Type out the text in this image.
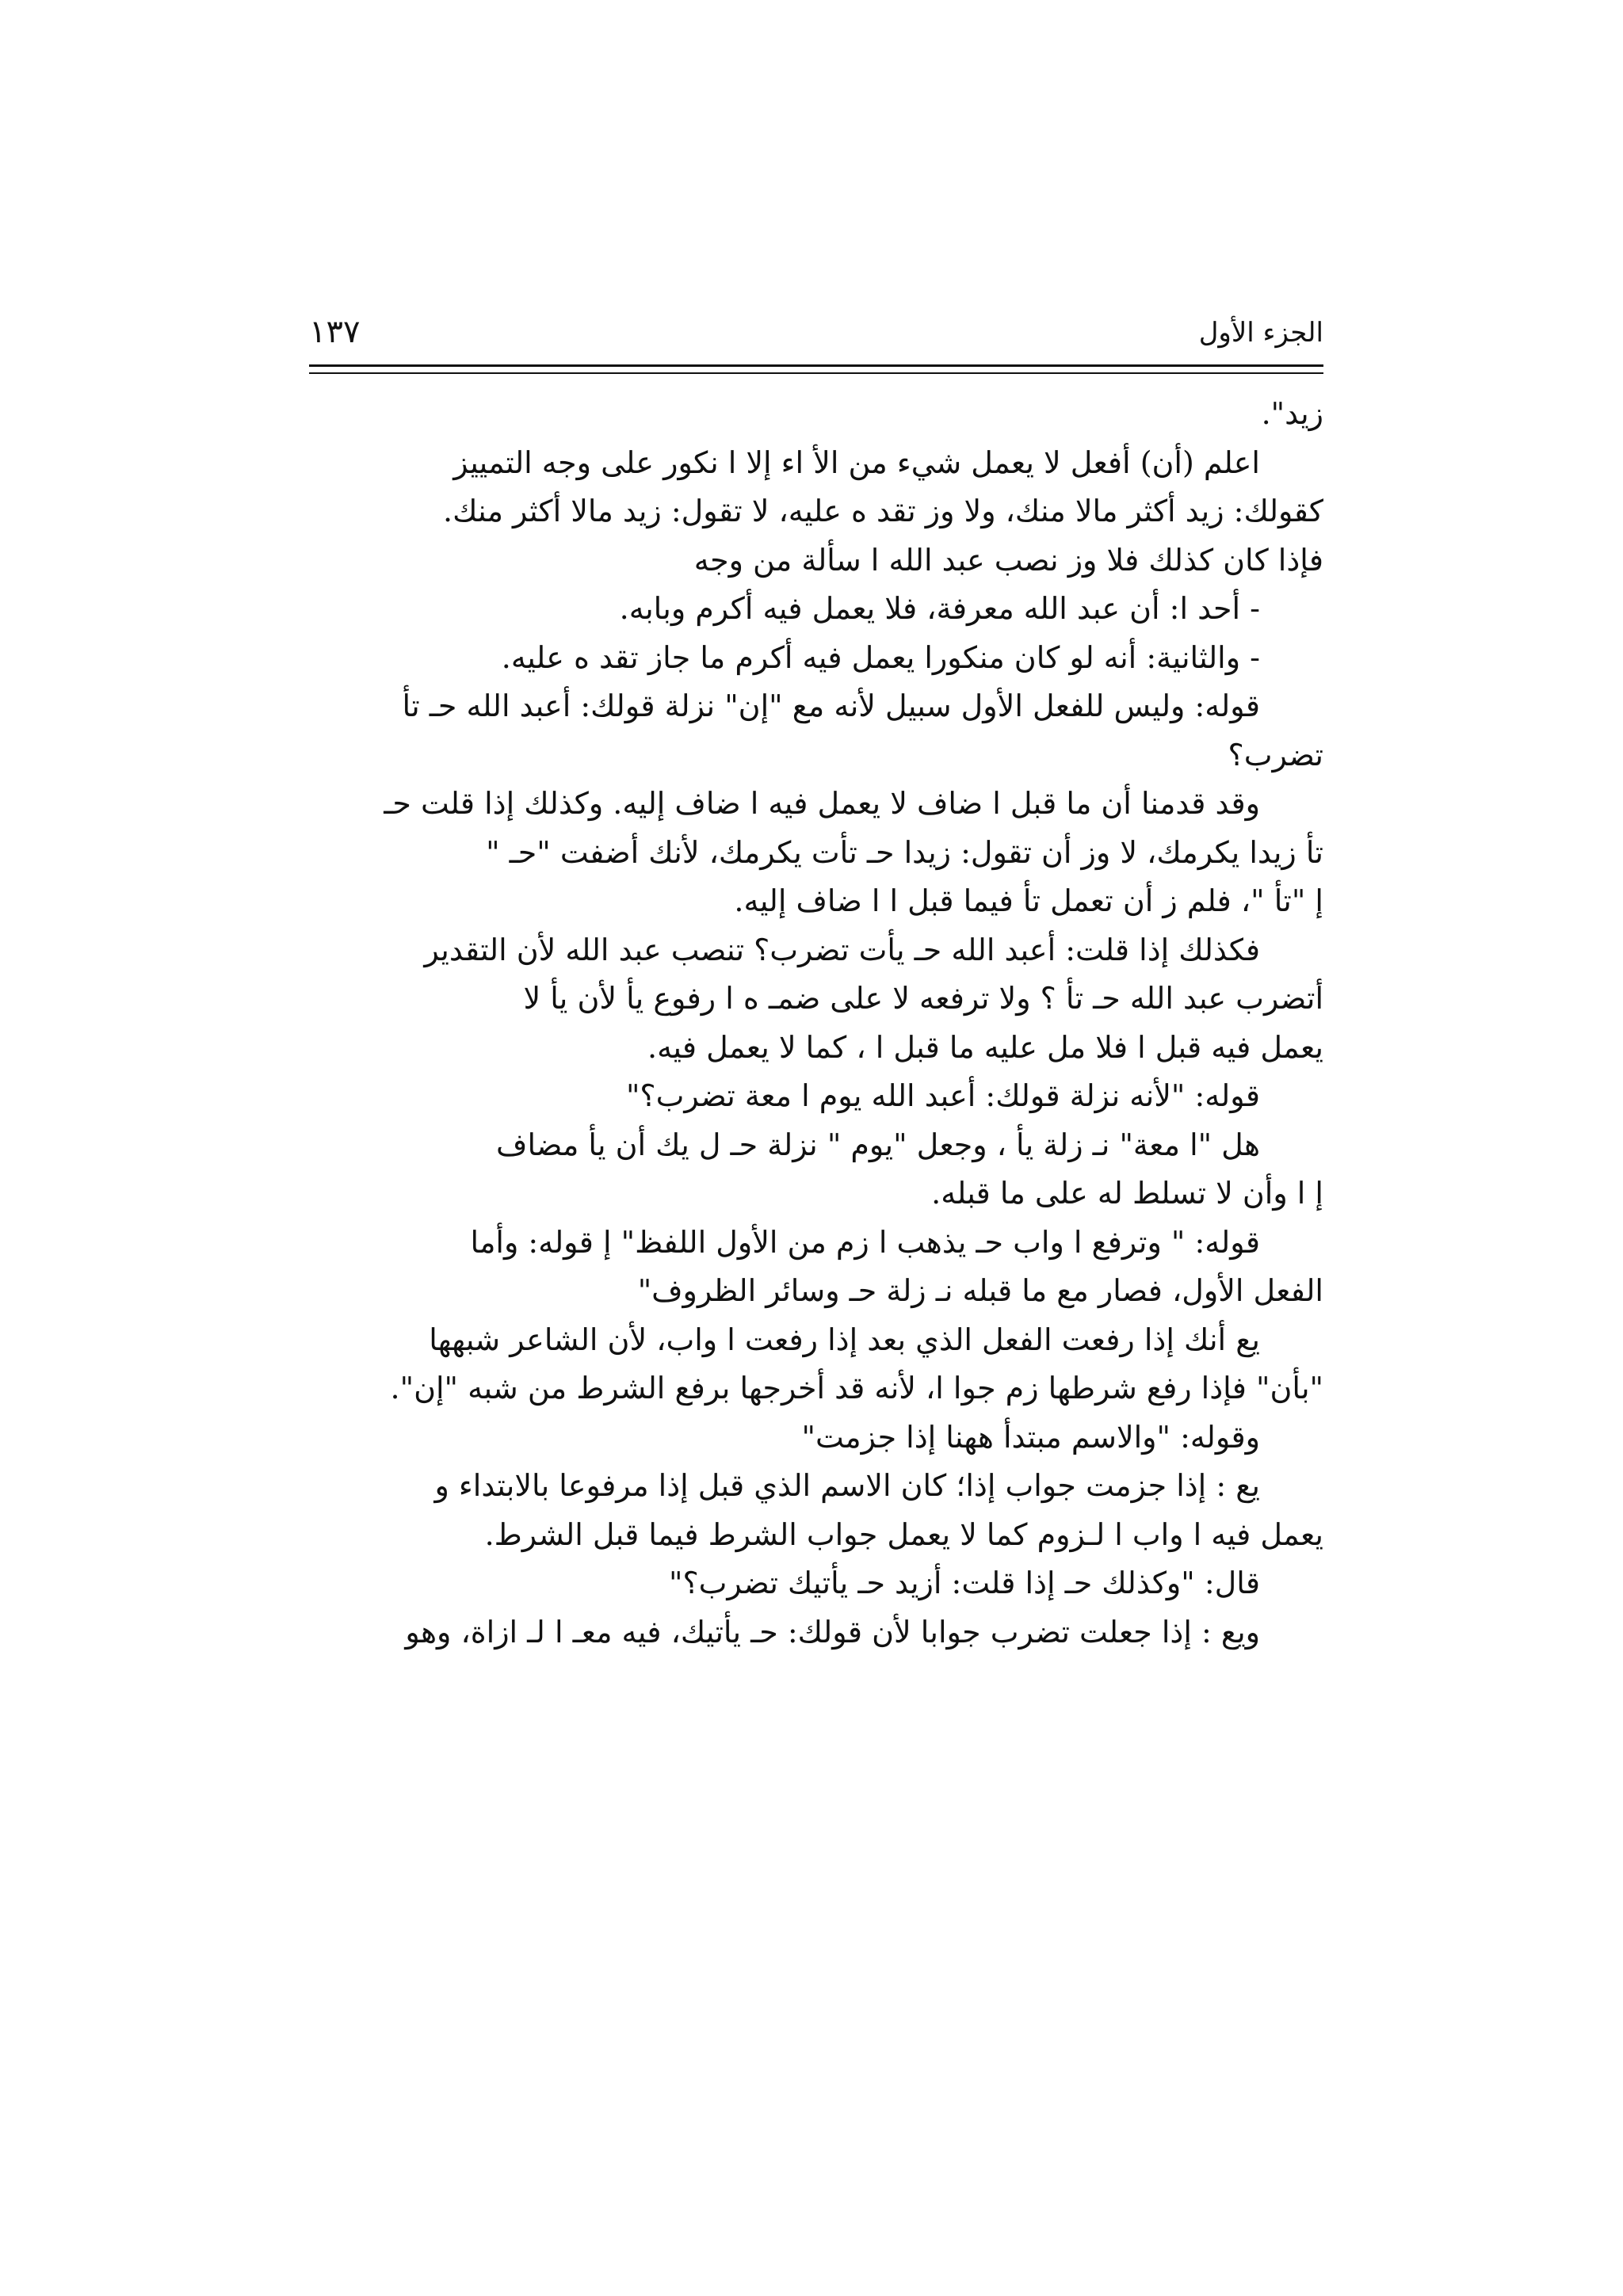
الجزء الأول
١٣٧

زيد".

اعلم (أن) أفعل لا يعمل شيء من الأ اء إلا ا نكور على وجه التمييز

كقولك: زيد أكثر مالا منك، ولا وز تقد ه عليه، لا تقول: زيد مالا أكثر منك.

فإذا كان كذلك فلا وز نصب عبد الله ا سألة من وجه

- أحد ا: أن عبد الله معرفة، فلا يعمل فيه أكرم وبابه.

- والثانية: أنه لو كان منكورا يعمل فيه أكرم ما جاز تقد ه عليه.

قوله: وليس للفعل الأول سبيل لأنه مع "إن" نزلة قولك: أعبد الله حـ تأ

تضرب؟

وقد قدمنا أن ما قبل ا ضاف لا يعمل فيه ا ضاف إليه. وكذلك إذا قلت حـ

تأ زيدا يكرمك، لا وز أن تقول: زيدا حـ تأت يكرمك، لأنك أضفت "حـ "

إ "تأ "، فلم ز أن تعمل تأ فيما قبل ا ا ضاف إليه.

فكذلك إذا قلت: أعبد الله حـ يأت تضرب؟ تنصب عبد الله لأن التقدير

أتضرب عبد الله حـ تأ ؟ ولا ترفعه لا على ضمـ ه ا رفوع يأ لأن يأ لا

يعمل فيه قبل ا فلا مل عليه ما قبل ا ، كما لا يعمل فيه.

قوله: "لأنه نزلة قولك: أعبد الله يوم ا معة تضرب؟"

هل "ا معة" نـ زلة يأ ، وجعل "يوم " نزلة حـ ل يك أن يأ مضاف

إ ا وأن لا تسلط له على ما قبله.

قوله: " وترفع ا واب حـ يذهب ا زم من الأول اللفظ" إ قوله: وأما

الفعل الأول، فصار مع ما قبله نـ زلة حـ وسائر الظروف"

يع أنك إذا رفعت الفعل الذي بعد إذا رفعت ا واب، لأن الشاعر شبهها

"بأن" فإذا رفع شرطها زم جوا ا، لأنه قد أخرجها برفع الشرط من شبه "إن".

وقوله: "والاسم مبتدأ ههنا إذا جزمت"

يع : إذا جزمت جواب إذا؛ كان الاسم الذي قبل إذا مرفوعا بالابتداء و

يعمل فيه ا واب ا لـزوم كما لا يعمل جواب الشرط فيما قبل الشرط.

قال: "وكذلك حـ إذا قلت: أزيد حـ يأتيك تضرب؟"

ويع : إذا جعلت تضرب جوابا لأن قولك: حـ يأتيك، فيه معـ ا لـ ازاة، وهو
